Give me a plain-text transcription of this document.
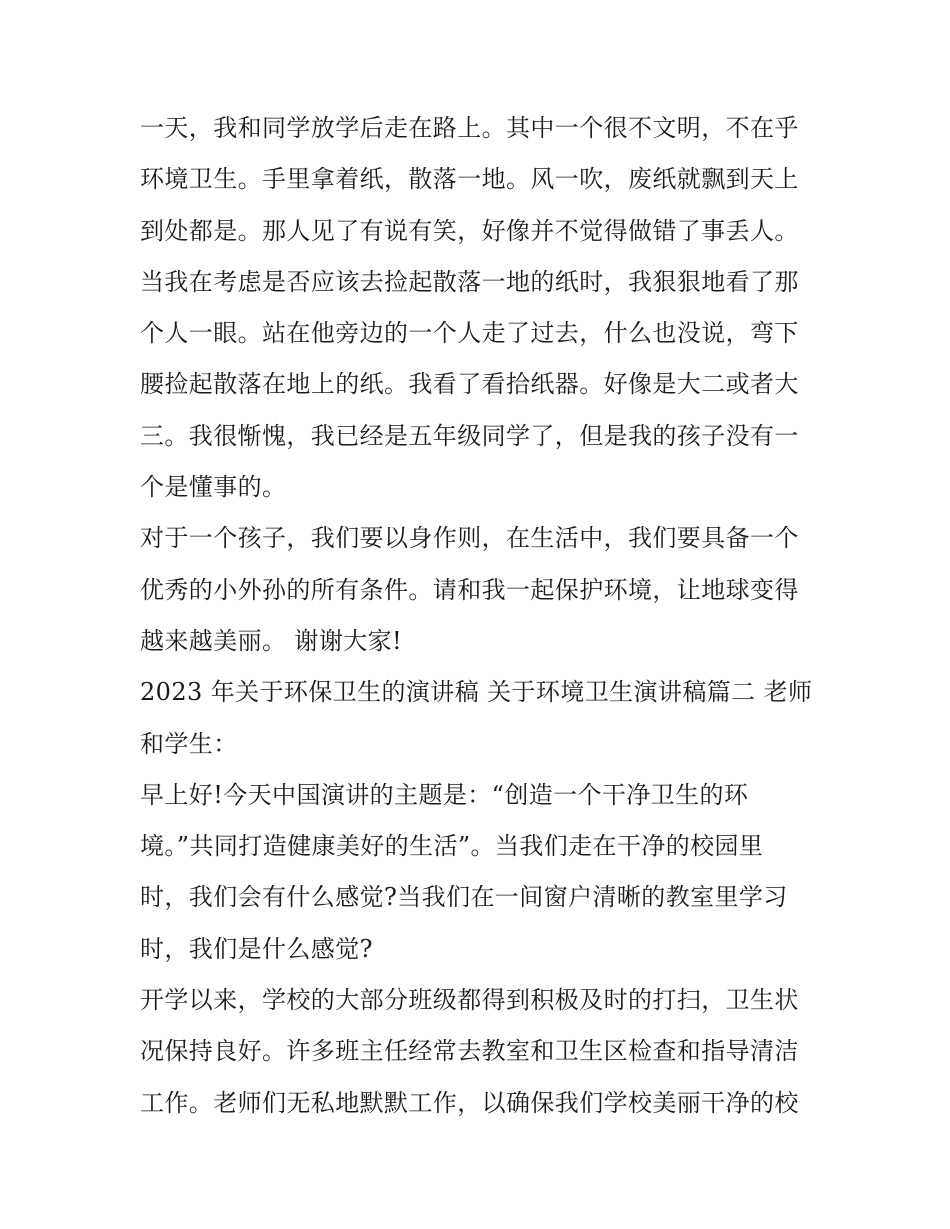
一天，我和同学放学后走在路上。其中一个很不文明，不在乎
环境卫生。手里拿着纸，散落一地。风一吹，废纸就飘到天上
到处都是。那人见了有说有笑，好像并不觉得做错了事丢人。
当我在考虑是否应该去捡起散落一地的纸时，我狠狠地看了那
个人一眼。站在他旁边的一个人走了过去，什么也没说，弯下
腰捡起散落在地上的纸。我看了看拾纸器。好像是大二或者大
三。我很惭愧，我已经是五年级同学了，但是我的孩子没有一
个是懂事的。
对于一个孩子，我们要以身作则，在生活中，我们要具备一个
优秀的小外孙的所有条件。请和我一起保护环境，让地球变得
越来越美丽。 谢谢大家!
2023 年关于环保卫生的演讲稿 关于环境卫生演讲稿篇二 老师
和学生：
早上好!今天中国演讲的主题是：“创造一个干净卫生的环
境。”共同打造健康美好的生活”。当我们走在干净的校园里
时，我们会有什么感觉?当我们在一间窗户清晰的教室里学习
时，我们是什么感觉?
开学以来，学校的大部分班级都得到积极及时的打扫，卫生状
况保持良好。许多班主任经常去教室和卫生区检查和指导清洁
工作。老师们无私地默默工作，以确保我们学校美丽干净的校
